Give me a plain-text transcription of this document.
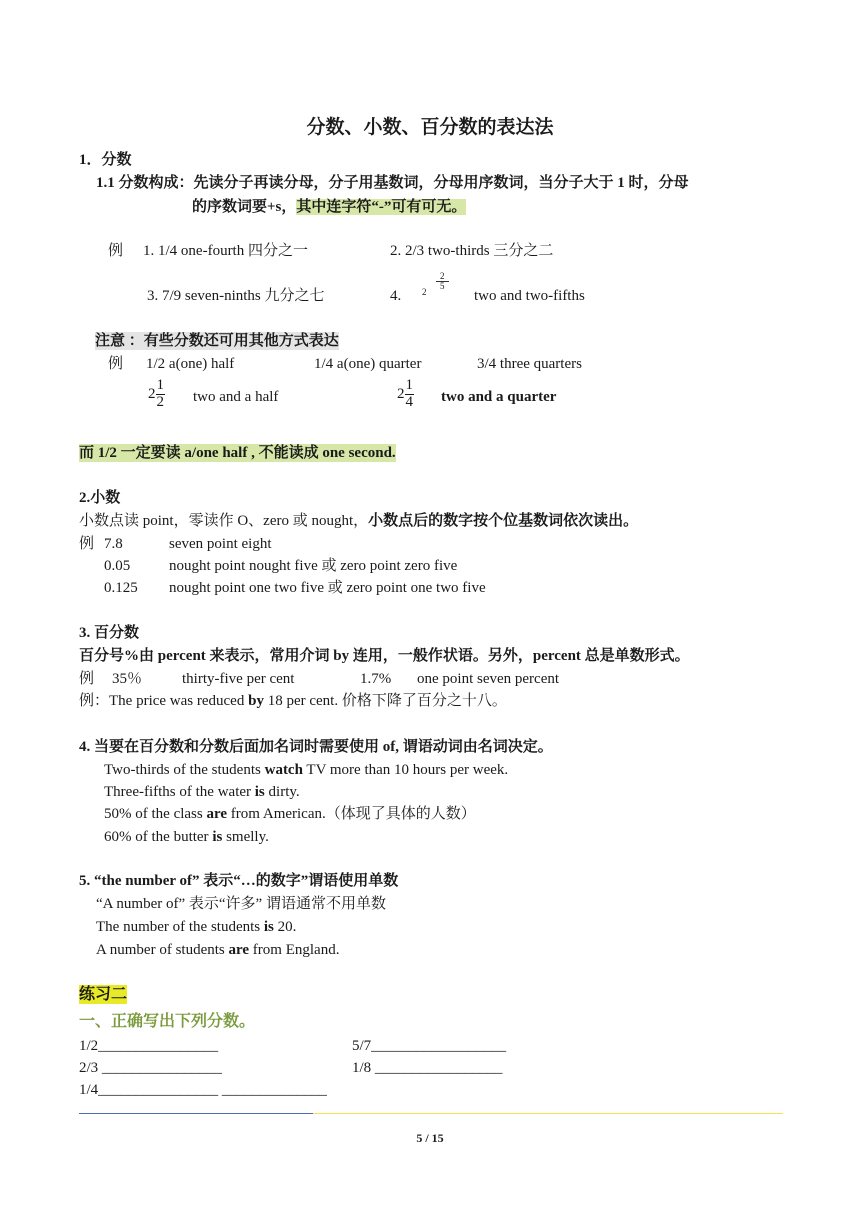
分数、小数、百分数的表达法
1．分数
1.1 分数构成：先读分子再读分母，分子用基数词，分母用序数词，当分子大于 1 时，分母
的序数词要+s，其中连字符“-”可有可无。
例 1. 1/4 one-fourth 四分之一	2. 2/3 two-thirds 三分之二
3. 7/9 seven-ninths 九分之七	4. 2
$\frac{2}{5}$
two and two-fifths
注意 ：有些分数还可用其他方式表达
例 1/2 a(one) half	1/4 a(one) quarter	3/4 three quarters
$2 \frac{1}{2}$ two and a half	$2 \frac{1}{4}$ two and a quarter
而 1/2 一定要读 a/one half , 不能读成 one second.
2.小数
小数点读 point，零读作 O、zero 或 nought，小数点后的数字按个位基数词依次读出。
例 7.8	seven point eight
0.05	nought point nought five 或 zero point zero five
0.125 nought point one two five 或 zero point one two five
3. 百分数
百分号%由 percent 来表示，常用介词 by 连用，一般作状语。另外，percent 总是单数形式。
例 35％	thirty-five per cent	1.7% one point seven percent
例：The price was reduced by 18 per cent. 价格下降了百分之十八。
4. 当要在百分数和分数后面加名词时需要使用 of, 谓语动词由名词决定。
Two-thirds of the students watch TV more than 10 hours per week.
Three-fifths of the water is dirty.
50% of the class are from American.（体现了具体的人数）
60% of the butter is smelly.
5. “the number of” 表示“…的数字”谓语使用单数
“A number of” 表示“许多” 谓语通常不用单数
The number of the students is 20.
A number of students are from England.
练习二
一、正确写出下列分数。
1/2________________	5/7__________________
2/3 ________________	1/8 _________________
1/4________________ ______________
5 / 15
